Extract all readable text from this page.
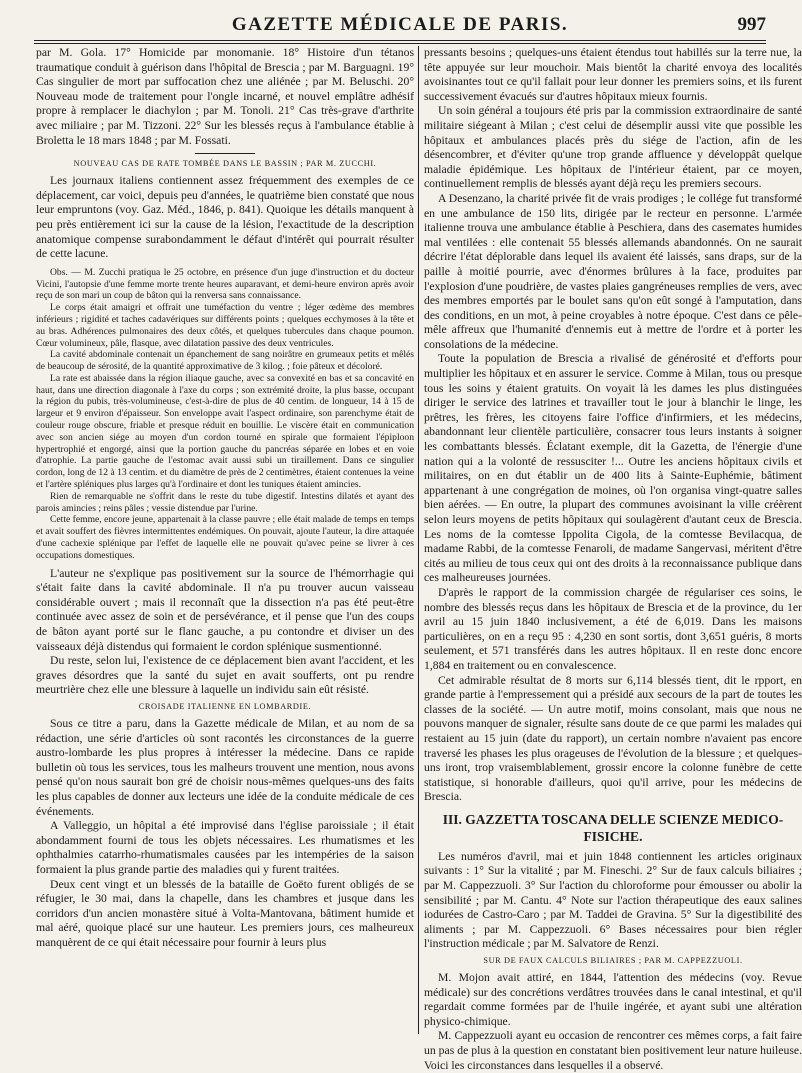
GAZETTE MÉDICALE DE PARIS.	997

par M. Gola. 17° Homicide par monomanie. 18° Histoire d'un tétanos traumatique conduit à guérison dans l'hôpital de Brescia ; par M. Barguagni. 19° Cas singulier de mort par suffocation chez une aliénée ; par M. Beluschi. 20° Nouveau mode de traitement pour l'ongle incarné, et nouvel emplâtre adhésif propre à remplacer le diachylon ; par M. Tonoli. 21° Cas très-grave d'arthrite avec miliaire ; par M. Tizzoni. 22° Sur les blessés reçus à l'ambulance établie à Broletta le 18 mars 1848 ; par M. Fossati.

NOUVEAU CAS DE RATE TOMBÉE DANS LE BASSIN ; PAR M. ZUCCHI.

Les journaux italiens contiennent assez fréquemment des exemples de ce déplacement, car voici, depuis peu d'années, le quatrième bien constaté que nous leur empruntons (voy. Gaz. Méd., 1846, p. 841). Quoique les détails manquent à peu près entièrement ici sur la cause de la lésion, l'exactitude de la description anatomique compense surabondamment le défaut d'intérêt qui pourrait résulter de cette lacune.

Obs. — M. Zucchi pratiqua le 25 octobre, en présence d'un juge d'instruction et du docteur Vicini, l'autopsie d'une femme morte trente heures auparavant, et demi-heure environ après avoir reçu de son mari un coup de bâton qui la renversa sans connaissance.

Le corps était amaigri et offrait une tuméfaction du ventre ; léger œdème des membres inférieurs ; rigidité et taches cadavériques sur différents points ; quelques ecchymoses à la tête et au bras. Adhérences pulmonaires des deux côtés, et quelques tubercules dans chaque poumon. Cœur volumineux, pâle, flasque, avec dilatation passive des deux ventricules.

La cavité abdominale contenait un épanchement de sang noirâtre en grumeaux petits et mêlés de beaucoup de sérosité, de la quantité approximative de 3 kilog. ; foie pâteux et décoloré.

La rate est abaissée dans la région iliaque gauche, avec sa convexité en bas et sa concavité en haut, dans une direction diagonale à l'axe du corps ; son extrémité droite, la plus basse, occupant la région du pubis, très-volumineuse, c'est-à-dire de plus de 40 centim. de longueur, 14 à 15 de largeur et 9 environ d'épaisseur. Son enveloppe avait l'aspect ordinaire, son parenchyme était de couleur rouge obscure, friable et presque réduit en bouillie. Le viscère était en communication avec son ancien siége au moyen d'un cordon tourné en spirale que formaient l'épiploon hypertrophié et engorgé, ainsi que la portion gauche du pancréas séparée en lobes et en voie d'atrophie. La partie gauche de l'estomac avait aussi subi un tiraillement. Dans ce singulier cordon, long de 12 à 13 centim. et du diamètre de près de 2 centimètres, étaient contenues la veine et l'artère spléniques plus larges qu'à l'ordinaire et dont les tuniques étaient amincies.

Rien de remarquable ne s'offrit dans le reste du tube digestif. Intestins dilatés et ayant des parois amincies ; reins pâles ; vessie distendue par l'urine.

Cette femme, encore jeune, appartenait à la classe pauvre ; elle était malade de temps en temps et avait souffert des fièvres intermittentes endémiques. On pouvait, ajoute l'auteur, la dire attaquée d'une cachexie splénique par l'effet de laquelle elle ne pouvait qu'avec peine se livrer à ces occupations domestiques.

L'auteur ne s'explique pas positivement sur la source de l'hémorrhagie qui s'était faite dans la cavité abdominale. Il n'a pu trouver aucun vaisseau considérable ouvert ; mais il reconnaît que la dissection n'a pas été peut-être continuée avec assez de soin et de persévérance, et il pense que l'un des coups de bâton ayant porté sur le flanc gauche, a pu contondre et diviser un des vaisseaux déjà distendus qui formaient le cordon splénique susmentionné.

Du reste, selon lui, l'existence de ce déplacement bien avant l'accident, et les graves désordres que la santé du sujet en avait soufferts, ont pu rendre meurtrière chez elle une blessure à laquelle un individu sain eût résisté.

CROISADE ITALIENNE EN LOMBARDIE.

Sous ce titre a paru, dans la Gazette médicale de Milan, et au nom de sa rédaction, une série d'articles où sont racontés les circonstances de la guerre austro-lombarde les plus propres à intéresser la médecine. Dans ce rapide bulletin où tous les services, tous les malheurs trouvent une mention, nous avons pensé qu'on nous saurait bon gré de choisir nous-mêmes quelques-uns des faits les plus capables de donner aux lecteurs une idée de la conduite médicale de ces événements.

A Valleggio, un hôpital a été improvisé dans l'église paroissiale ; il était abondamment fourni de tous les objets nécessaires. Les rhumatismes et les ophthalmies catarrho-rhumatismales causées par les intempéries de la saison formaient la plus grande partie des maladies qui y furent traitées.

Deux cent vingt et un blessés de la bataille de Goëto furent obligés de se réfugier, le 30 mai, dans la chapelle, dans les chambres et jusque dans les corridors d'un ancien monastère situé à Volta-Mantovana, bâtiment humide et mal aéré, quoique placé sur une hauteur. Les premiers jours, ces malheureux manquèrent de ce qui était nécessaire pour fournir à leurs plus

pressants besoins ; quelques-uns étaient étendus tout habillés sur la terre nue, la tête appuyée sur leur mouchoir. Mais bientôt la charité envoya des localités avoisinantes tout ce qu'il fallait pour leur donner les premiers soins, et ils furent successivement évacués sur d'autres hôpitaux mieux fournis.

Un soin général a toujours été pris par la commission extraordinaire de santé militaire siégeant à Milan ; c'est celui de désemplir aussi vite que possible les hôpitaux et ambulances placés près du siége de l'action, afin de les désencombrer, et d'éviter qu'une trop grande affluence y développât quelque maladie épidémique. Les hôpitaux de l'intérieur étaient, par ce moyen, continuellement remplis de blessés ayant déjà reçu les premiers secours.

A Desenzano, la charité privée fit de vrais prodiges ; le collége fut transformé en une ambulance de 150 lits, dirigée par le recteur en personne. L'armée italienne trouva une ambulance établie à Peschiera, dans des casemates humides mal ventilées : elle contenait 55 blessés allemands abandonnés. On ne saurait décrire l'état déplorable dans lequel ils avaient été laissés, sans draps, sur de la paille à moitié pourrie, avec d'énormes brûlures à la face, produites par l'explosion d'une poudrière, de vastes plaies gangréneuses remplies de vers, avec des membres emportés par le boulet sans qu'on eût songé à l'amputation, dans des conditions, en un mot, à peine croyables à notre époque. C'est dans ce pêle-mêle affreux que l'humanité d'ennemis eut à mettre de l'ordre et à porter les consolations de la médecine.

Toute la population de Brescia a rivalisé de générosité et d'efforts pour multiplier les hôpitaux et en assurer le service. Comme à Milan, tous ou presque tous les soins y étaient gratuits. On voyait là les dames les plus distinguées diriger le service des latrines et travailler tout le jour à blanchir le linge, les prêtres, les frères, les citoyens faire l'office d'infirmiers, et les médecins, abandonnant leur clientèle particulière, consacrer tous leurs instants à soigner les combattants blessés. Éclatant exemple, dit la Gazetta, de l'énergie d'une nation qui a la volonté de ressusciter !... Outre les anciens hôpitaux civils et militaires, on en dut établir un de 400 lits à Sainte-Euphémie, bâtiment appartenant à une congrégation de moines, où l'on organisa vingt-quatre salles bien aérées. — En outre, la plupart des communes avoisinant la ville créèrent selon leurs moyens de petits hôpitaux qui soulagèrent d'autant ceux de Brescia. Les noms de la comtesse Ippolita Cigola, de la comtesse Bevilacqua, de madame Rabbi, de la comtesse Fenaroli, de madame Sangervasi, méritent d'être cités au milieu de tous ceux qui ont des droits à la reconnaissance publique dans ces malheureuses journées.

D'après le rapport de la commission chargée de régulariser ces soins, le nombre des blessés reçus dans les hôpitaux de Brescia et de la province, du 1er avril au 15 juin 1840 inclusivement, a été de 6,019. Dans les maisons particulières, on en a reçu 95 : 4,230 en sont sortis, dont 3,651 guéris, 8 morts seulement, et 571 transférés dans les autres hôpitaux. Il en reste donc encore 1,884 en traitement ou en convalescence.

Cet admirable résultat de 8 morts sur 6,114 blessés tient, dit le rpport, en grande partie à l'empressement qui a présidé aux secours de la part de toutes les classes de la société. — Un autre motif, moins consolant, mais que nous ne pouvons manquer de signaler, résulte sans doute de ce que parmi les malades qui restaient au 15 juin (date du rapport), un certain nombre n'avaient pas encore traversé les phases les plus orageuses de l'évolution de la blessure ; et quelques-uns iront, trop vraisemblablement, grossir encore la colonne funèbre de cette statistique, si honorable d'ailleurs, quoi qu'il arrive, pour les médecins de Brescia.

III. GAZZETTA TOSCANA DELLE SCIENZE MEDICO-FISICHE.

Les numéros d'avril, mai et juin 1848 contiennent les articles originaux suivants : 1° Sur la vitalité ; par M. Fineschi. 2° Sur de faux calculs biliaires ; par M. Cappezzuoli. 3° Sur l'action du chloroforme pour émousser ou abolir la sensibilité ; par M. Cantu. 4° Note sur l'action thérapeutique des eaux salines iodurées de Castro-Caro ; par M. Taddei de Gravina. 5° Sur la digestibilité des aliments ; par M. Cappezzuoli. 6° Bases nécessaires pour bien régler l'instruction médicale ; par M. Salvatore de Renzi.

SUR DE FAUX CALCULS BILIAIRES ; PAR M. CAPPEZZUOLI.

M. Mojon avait attiré, en 1844, l'attention des médecins (voy. Revue médicale) sur des concrétions verdâtres trouvées dans le canal intestinal, et qu'il regardait comme formées par de l'huile ingérée, et ayant subi une altération physico-chimique.

M. Cappezzuoli ayant eu occasion de rencontrer ces mêmes corps, a fait faire un pas de plus à la question en constatant bien positivement leur nature huileuse. Voici les circonstances dans lesquelles il a observé.
